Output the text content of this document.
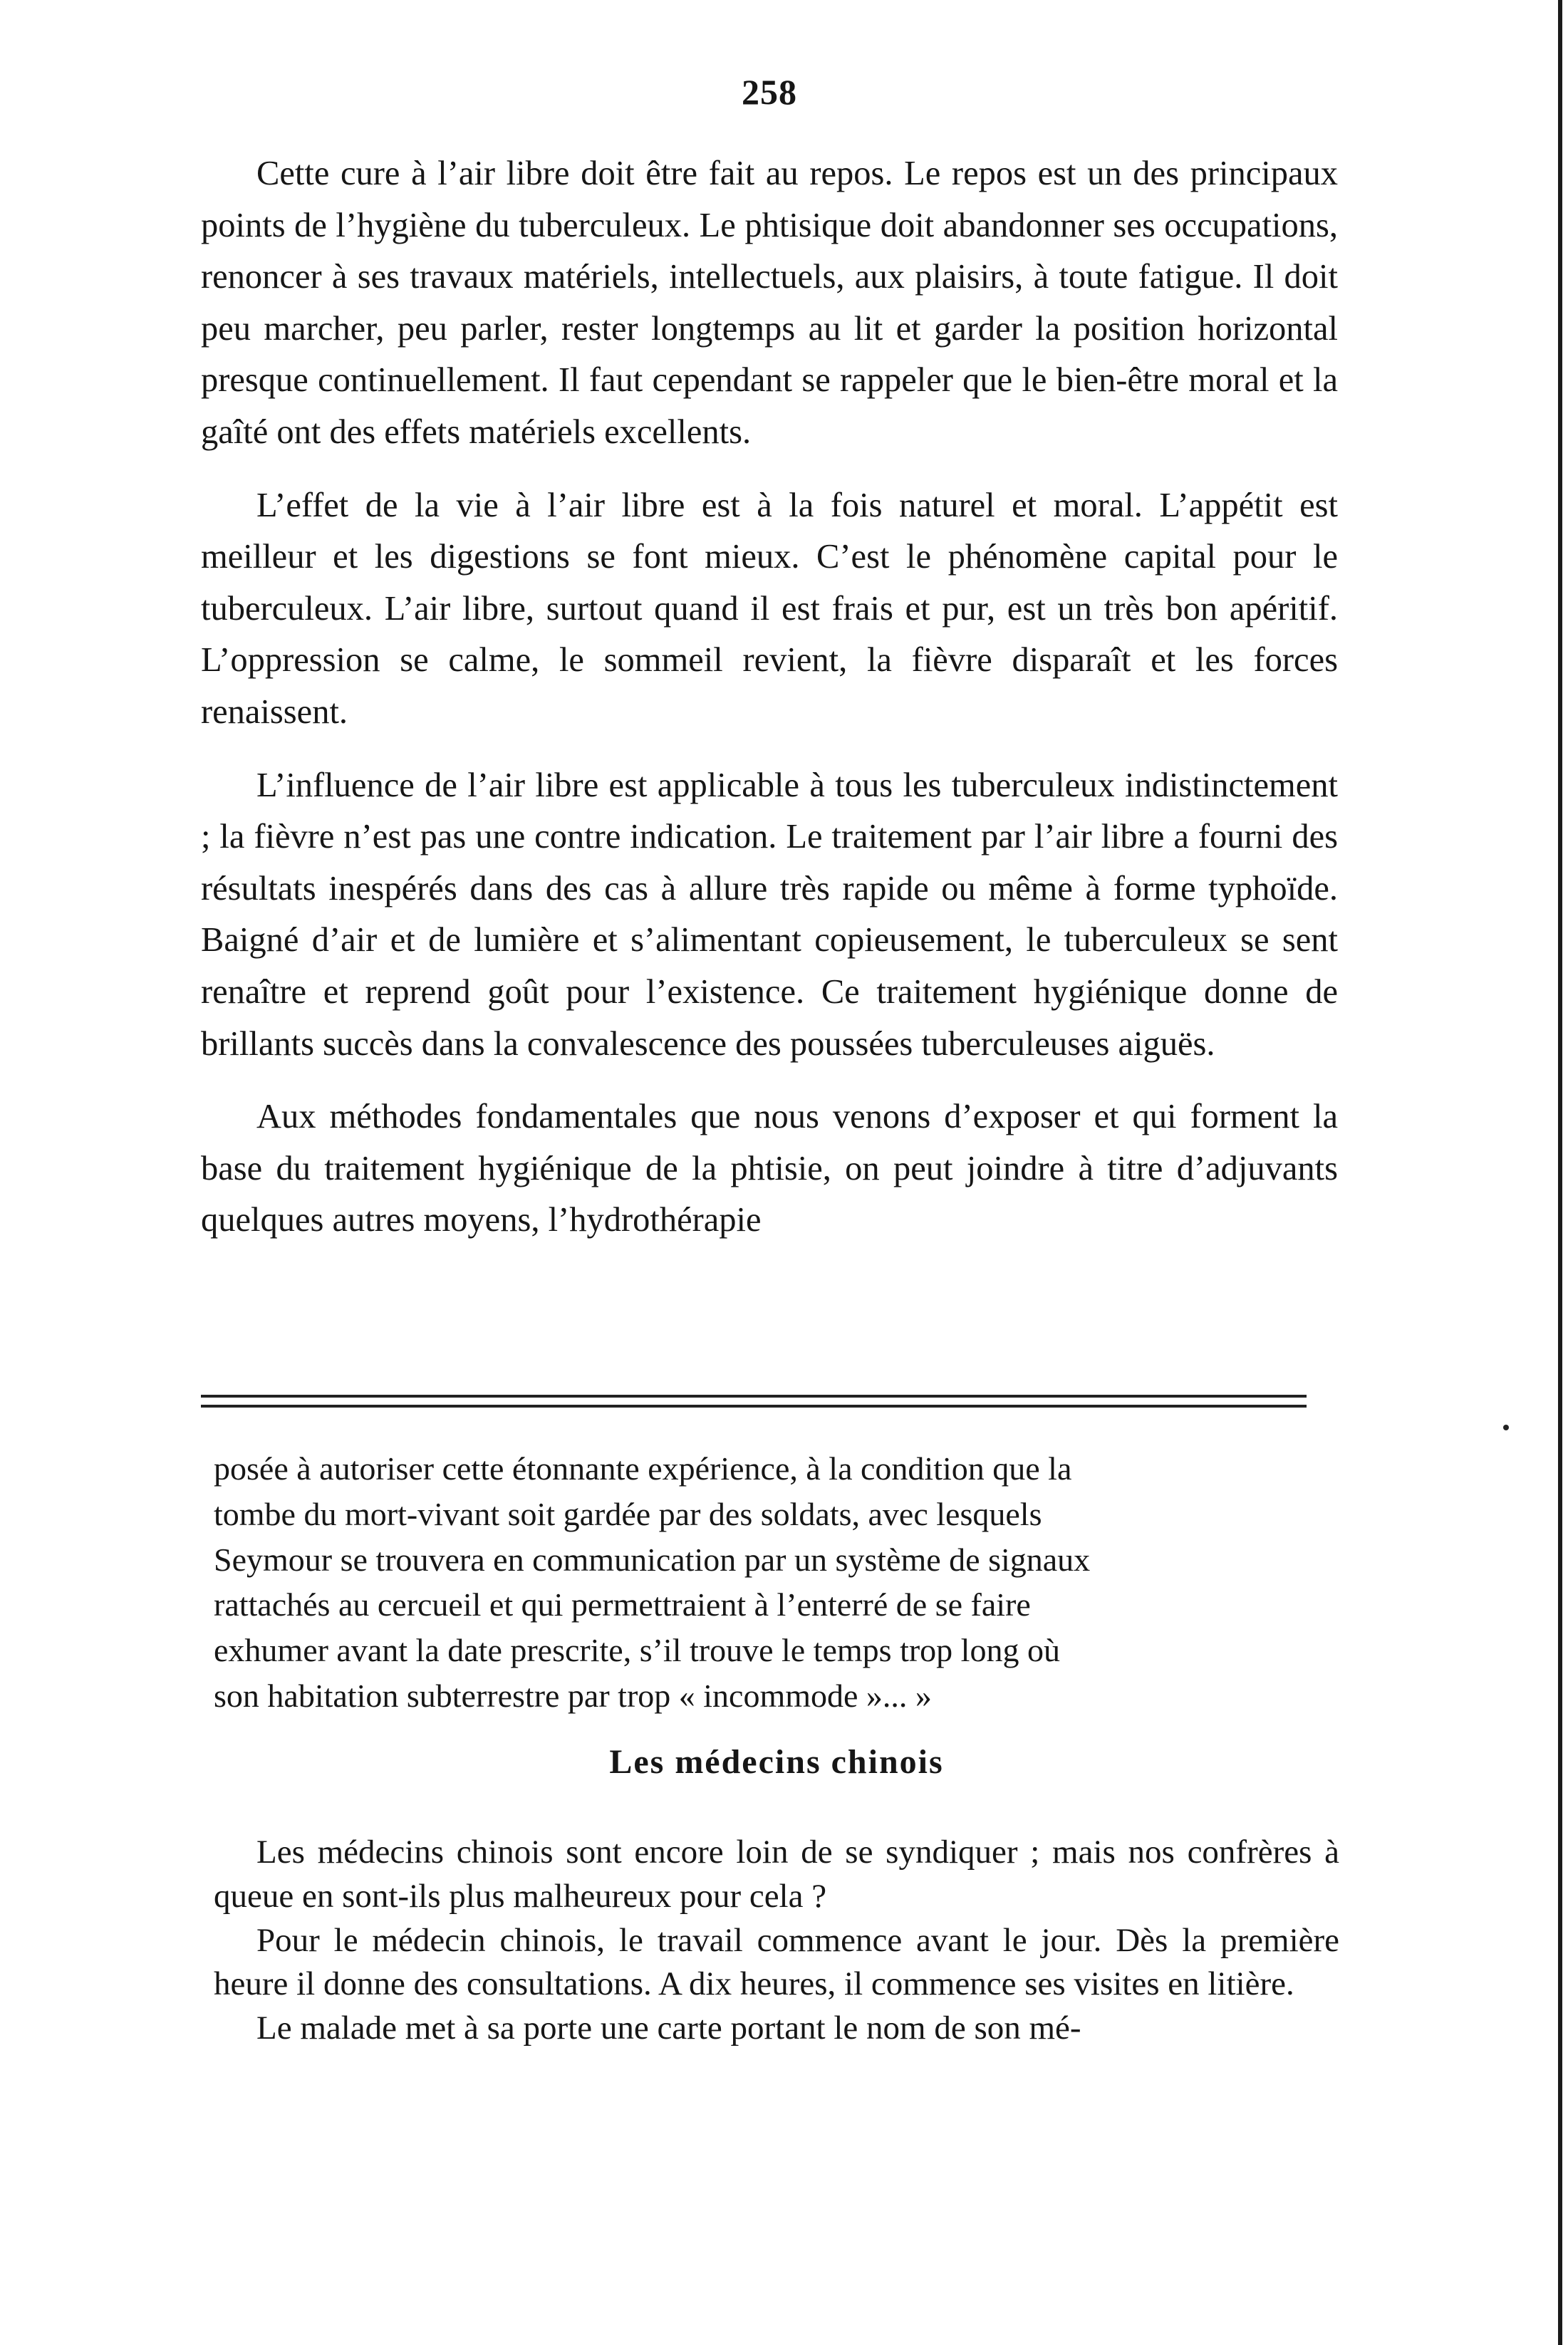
258

Cette cure à l’air libre doit être fait au repos. Le repos est un des principaux points de l’hygiène du tuberculeux. Le phtisique doit abandonner ses occupations, renoncer à ses travaux matériels, intellectuels, aux plaisirs, à toute fatigue. Il doit peu marcher, peu parler, rester longtemps au lit et garder la position horizontal presque continuellement. Il faut cependant se rappeler que le bien-être moral et la gaîté ont des effets matériels excellents.

L’effet de la vie à l’air libre est à la fois naturel et moral. L’appétit est meilleur et les digestions se font mieux. C’est le phénomène capital pour le tuberculeux. L’air libre, surtout quand il est frais et pur, est un très bon apéritif. L’oppression se calme, le sommeil revient, la fièvre disparaît et les forces renaissent.

L’influence de l’air libre est applicable à tous les tuberculeux indistinctement ; la fièvre n’est pas une contre indication. Le traitement par l’air libre a fourni des résultats inespérés dans des cas à allure très rapide ou même à forme typhoïde. Baigné d’air et de lumière et s’alimentant copieusement, le tuberculeux se sent renaître et reprend goût pour l’existence. Ce traitement hygiénique donne de brillants succès dans la convalescence des poussées tuberculeuses aiguës.

Aux méthodes fondamentales que nous venons d’exposer et qui forment la base du traitement hygiénique de la phtisie, on peut joindre à titre d’adjuvants quelques autres moyens, l’hydrothérapie

posée à autoriser cette étonnante expérience, à la condition que la
tombe du mort-vivant soit gardée par des soldats, avec lesquels
Seymour se trouvera en communication par un système de signaux
rattachés au cercueil et qui permettraient à l’enterré de se faire
exhumer avant la date prescrite, s’il trouve le temps trop long où
son habitation subterrestre par trop « incommode »... »
Les médecins chinois

Les médecins chinois sont encore loin de se syndiquer ; mais nos confrères à queue en sont-ils plus malheureux pour cela ?

Pour le médecin chinois, le travail commence avant le jour. Dès la première heure il donne des consultations. A dix heures, il commence ses visites en litière.

Le malade met à sa porte une carte portant le nom de son mé-
